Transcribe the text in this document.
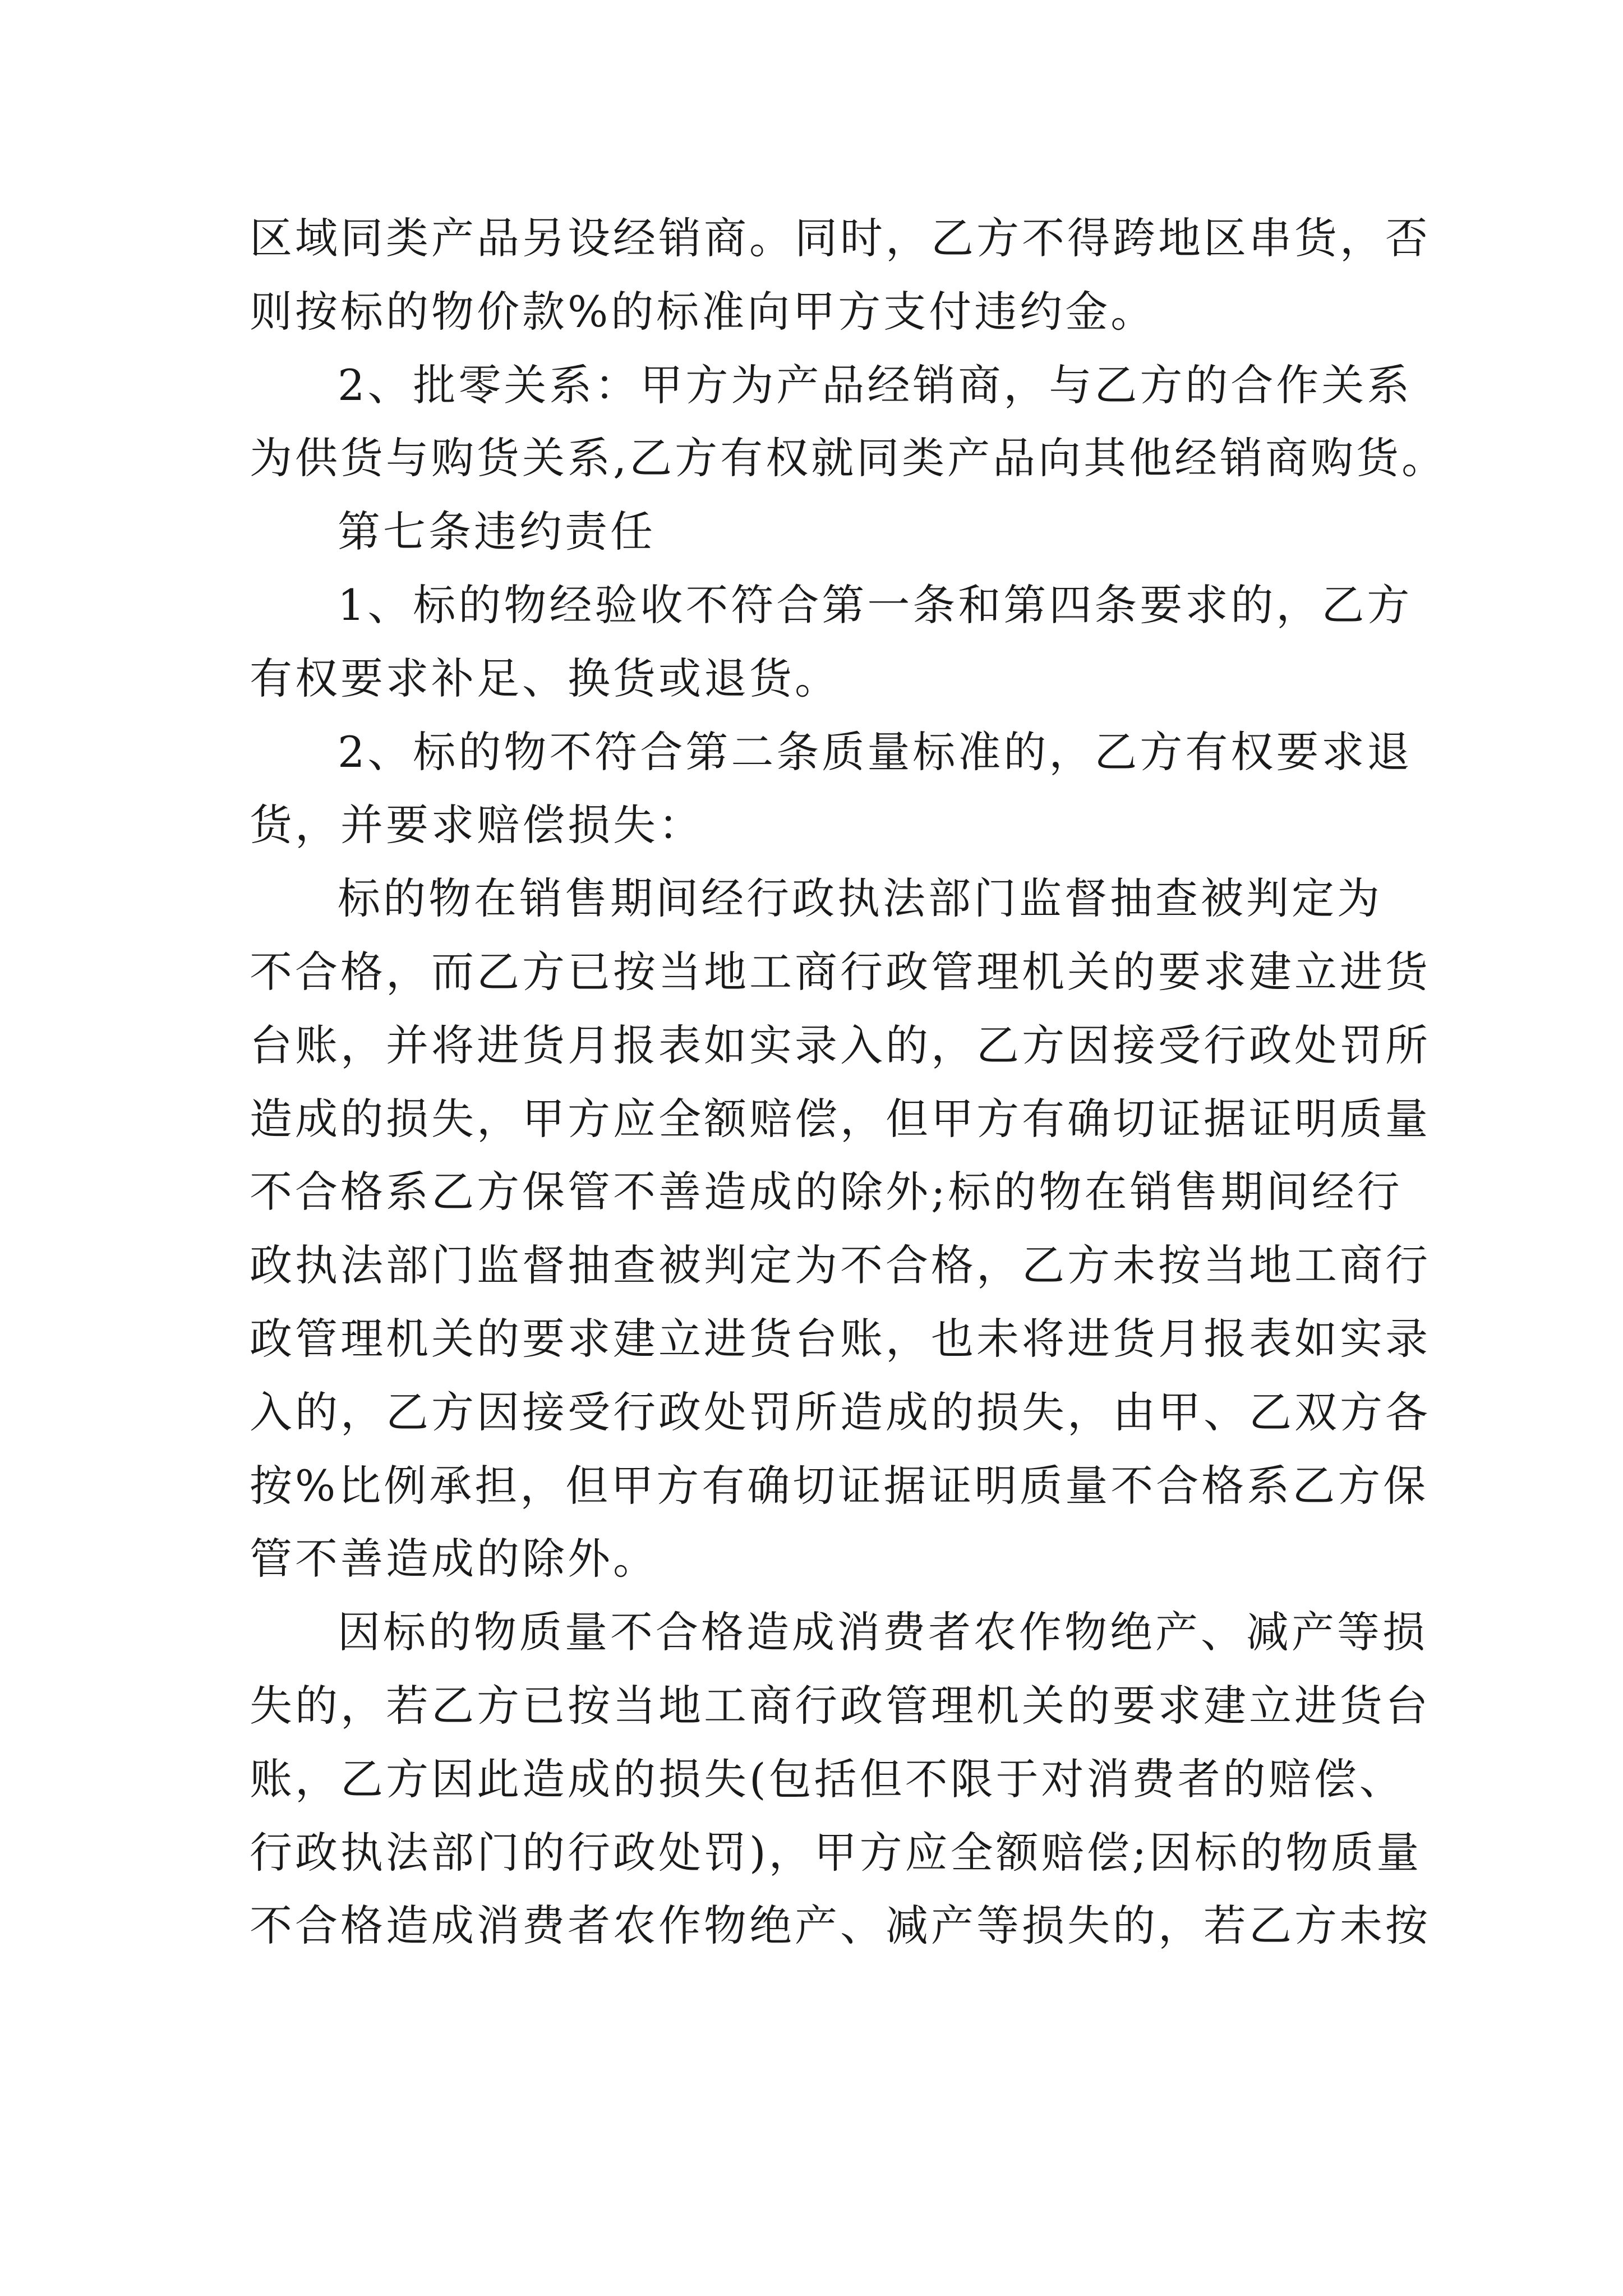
区域同类产品另设经销商。同时，乙方不得跨地区串货，否
则按标的物价款%的标准向甲方支付违约金。
2、批零关系：甲方为产品经销商，与乙方的合作关系
为供货与购货关系,乙方有权就同类产品向其他经销商购货。
第七条违约责任
1、标的物经验收不符合第一条和第四条要求的，乙方
有权要求补足、换货或退货。
2、标的物不符合第二条质量标准的，乙方有权要求退
货，并要求赔偿损失：
标的物在销售期间经行政执法部门监督抽查被判定为
不合格，而乙方已按当地工商行政管理机关的要求建立进货
台账，并将进货月报表如实录入的，乙方因接受行政处罚所
造成的损失，甲方应全额赔偿，但甲方有确切证据证明质量
不合格系乙方保管不善造成的除外;标的物在销售期间经行
政执法部门监督抽查被判定为不合格，乙方未按当地工商行
政管理机关的要求建立进货台账，也未将进货月报表如实录
入的，乙方因接受行政处罚所造成的损失，由甲、乙双方各
按%比例承担，但甲方有确切证据证明质量不合格系乙方保
管不善造成的除外。
因标的物质量不合格造成消费者农作物绝产、减产等损
失的，若乙方已按当地工商行政管理机关的要求建立进货台
账，乙方因此造成的损失(包括但不限于对消费者的赔偿、
行政执法部门的行政处罚)，甲方应全额赔偿;因标的物质量
不合格造成消费者农作物绝产、减产等损失的，若乙方未按
